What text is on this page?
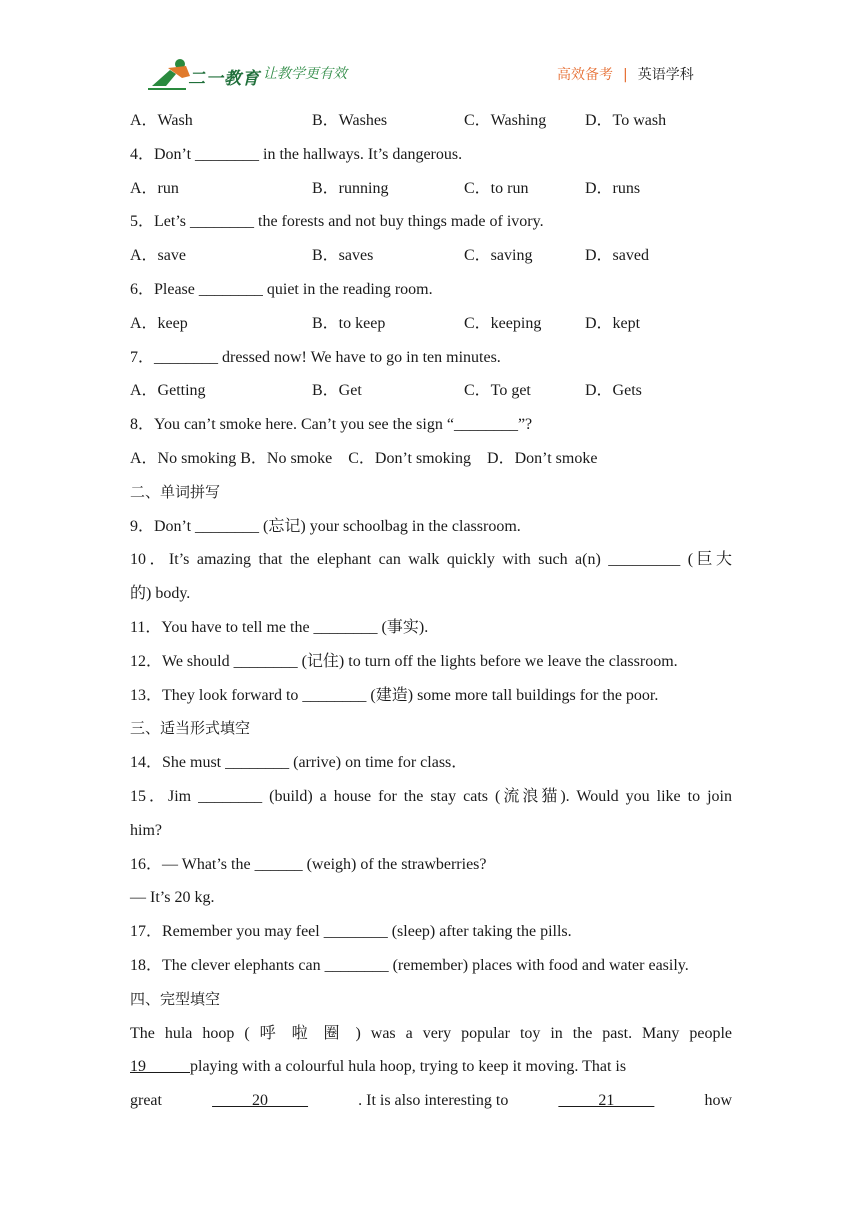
二一教育 让教学更有效	高效备考 | 英语学科
A．Wash	B．Washes	C．Washing D．To wash
4．Don’t ________ in the hallways. It’s dangerous.
A．run	B．running	C．to run	D．runs
5．Let’s ________ the forests and not buy things made of ivory.
A．save	B．saves	C．saving	D．saved
6．Please ________ quiet in the reading room.
A．keep	B．to keep	C．keeping	D．kept
7．________ dressed now! We have to go in ten minutes.
A．Getting	B．Get	C．To get	D．Gets
8．You can’t smoke here. Can’t you see the sign “________”?
A．No smoking B．No smoke    C．Don’t smoking    D．Don’t smoke
二、单词拼写
9．Don’t ________ (忘记) your schoolbag in the classroom.
10．It’s amazing that the elephant can walk quickly with such a(n) _________ (巨大
的) body.
11．You have to tell me the ________ (事实).
12．We should ________ (记住) to turn off the lights before we leave the classroom.
13．They look forward to ________ (建造) some more tall buildings for the poor.
三、适当形式填空
14．She must ________ (arrive) on time for class．
15．Jim ________ (build) a house for the stay cats (流浪猫). Would you like to join
him?
16．— What’s the ______ (weigh) of the strawberries?
— It’s 20 kg.
17．Remember you may feel ________ (sleep) after taking the pills.
18．The clever elephants can ________ (remember) places with food and water easily.
四、完型填空
The hula hoop ( 呼 啦 圈 ) was a very popular toy in the past. Many people
19           playing with a colourful hula hoop, trying to keep it moving. That is
great	20	. It is also interesting to	21	how
